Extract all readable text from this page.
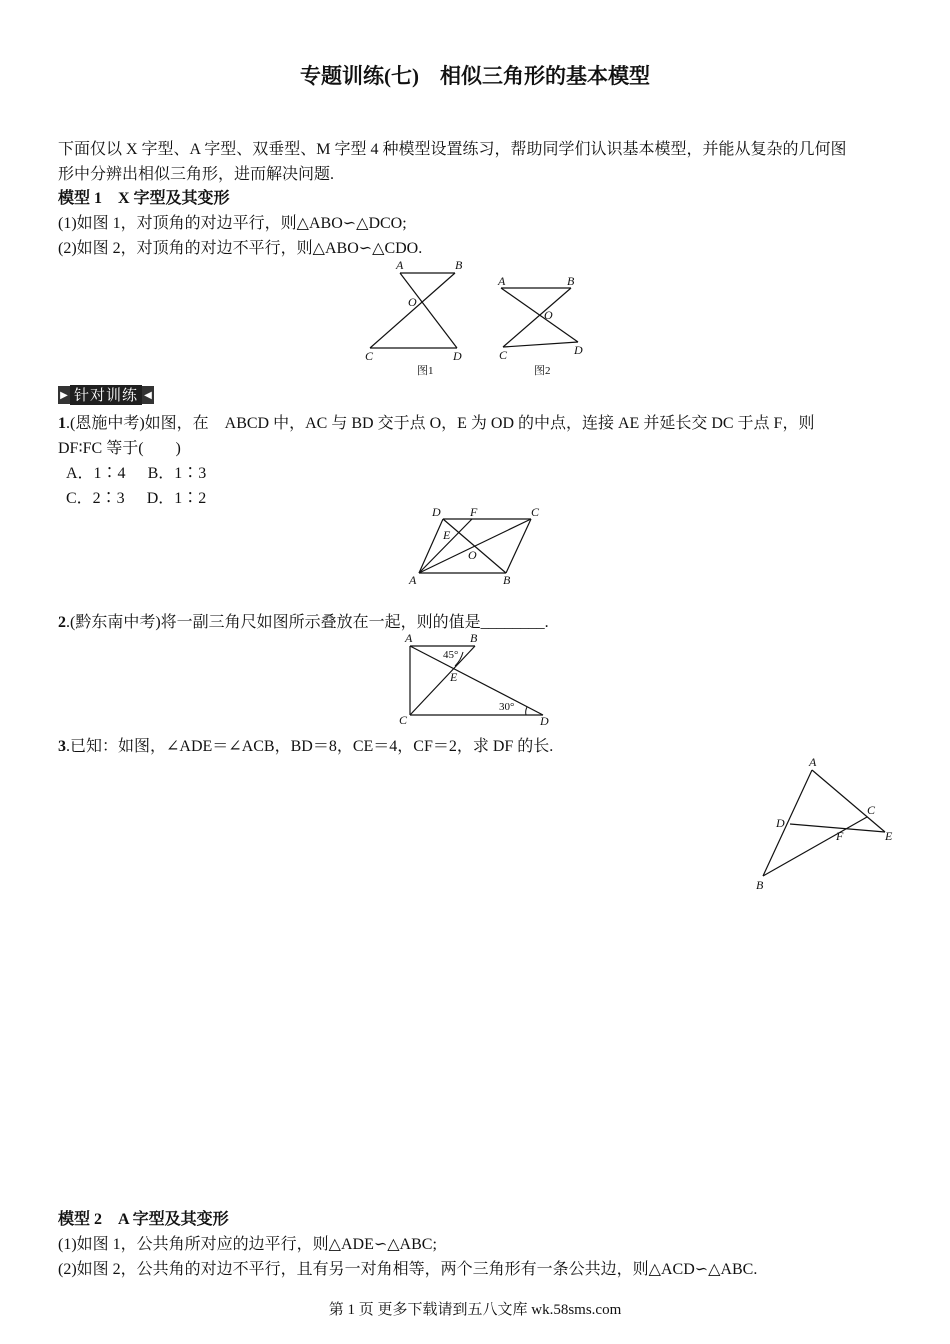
专题训练(七)　相似三角形的基本模型
下面仅以 X 字型、A 字型、双垂型、M 字型 4 种模型设置练习，帮助同学们认识基本模型，并能从复杂的几何图
形中分辨出相似三角形，进而解决问题.
模型 1　X 字型及其变形
(1)如图 1，对顶角的对边平行，则△ABO∽△DCO;
(2)如图 2，对顶角的对边不平行，则△ABO∽△CDO.
A	B
O
C	D
图1
A	B
O
C	D
图2
▶ 针对训练 ◀
1.(恩施中考)如图，在　ABCD 中，AC 与 BD 交于点 O，E 为 OD 的中点，连接 AE 并延长交 DC 于点 F，则
DF∶FC 等于(　　)
A．1∶4 B．1∶3
C．2∶3 D．1∶2
D F	C
E
O
A	B
2.(黔东南中考)将一副三角尺如图所示叠放在一起，则的值是________.
A	B
45°
E
30°
C	D
3.已知：如图，∠ADE＝∠ACB，BD＝8，CE＝4，CF＝2，求 DF 的长.
A
D
C
F	E
B
模型 2　A 字型及其变形
(1)如图 1，公共角所对应的边平行，则△ADE∽△ABC;
(2)如图 2，公共角的对边不平行，且有另一对角相等，两个三角形有一条公共边，则△ACD∽△ABC.
第 1 页 更多下载请到五八文库 wk.58sms.com
